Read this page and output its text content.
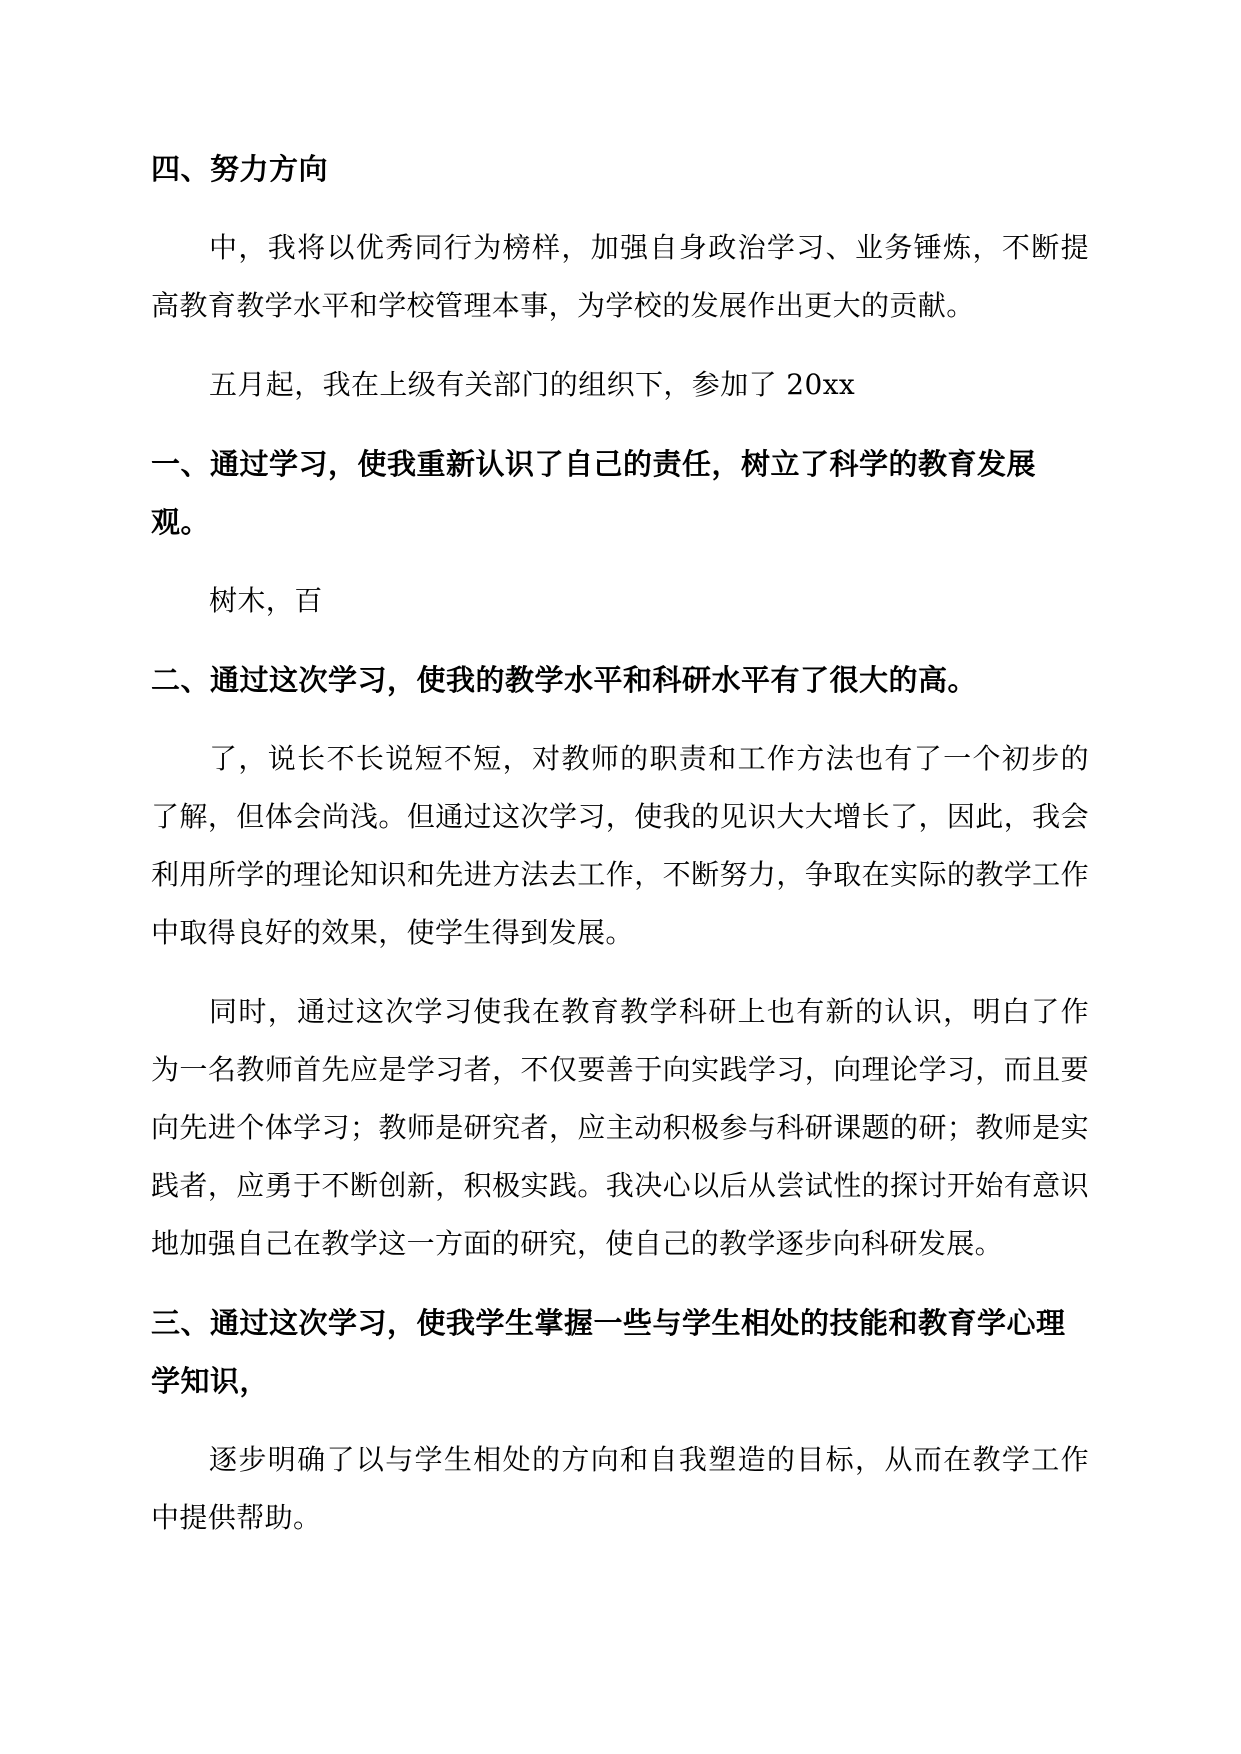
四、努力方向
中，我将以优秀同行为榜样，加强自身政治学习、业务锤炼，不断提高教育教学水平和学校管理本事，为学校的发展作出更大的贡献。
五月起，我在上级有关部门的组织下，参加了 20xx
一、通过学习，使我重新认识了自己的责任，树立了科学的教育发展观。
树木，百
二、通过这次学习，使我的教学水平和科研水平有了很大的高。
了，说长不长说短不短，对教师的职责和工作方法也有了一个初步的了解，但体会尚浅。但通过这次学习，使我的见识大大增长了，因此，我会利用所学的理论知识和先进方法去工作，不断努力，争取在实际的教学工作中取得良好的效果，使学生得到发展。
同时，通过这次学习使我在教育教学科研上也有新的认识，明白了作为一名教师首先应是学习者，不仅要善于向实践学习，向理论学习，而且要向先进个体学习；教师是研究者，应主动积极参与科研课题的研；教师是实践者，应勇于不断创新，积极实践。我决心以后从尝试性的探讨开始有意识地加强自己在教学这一方面的研究，使自己的教学逐步向科研发展。
三、通过这次学习，使我学生掌握一些与学生相处的技能和教育学心理学知识，
逐步明确了以与学生相处的方向和自我塑造的目标，从而在教学工作中提供帮助。
